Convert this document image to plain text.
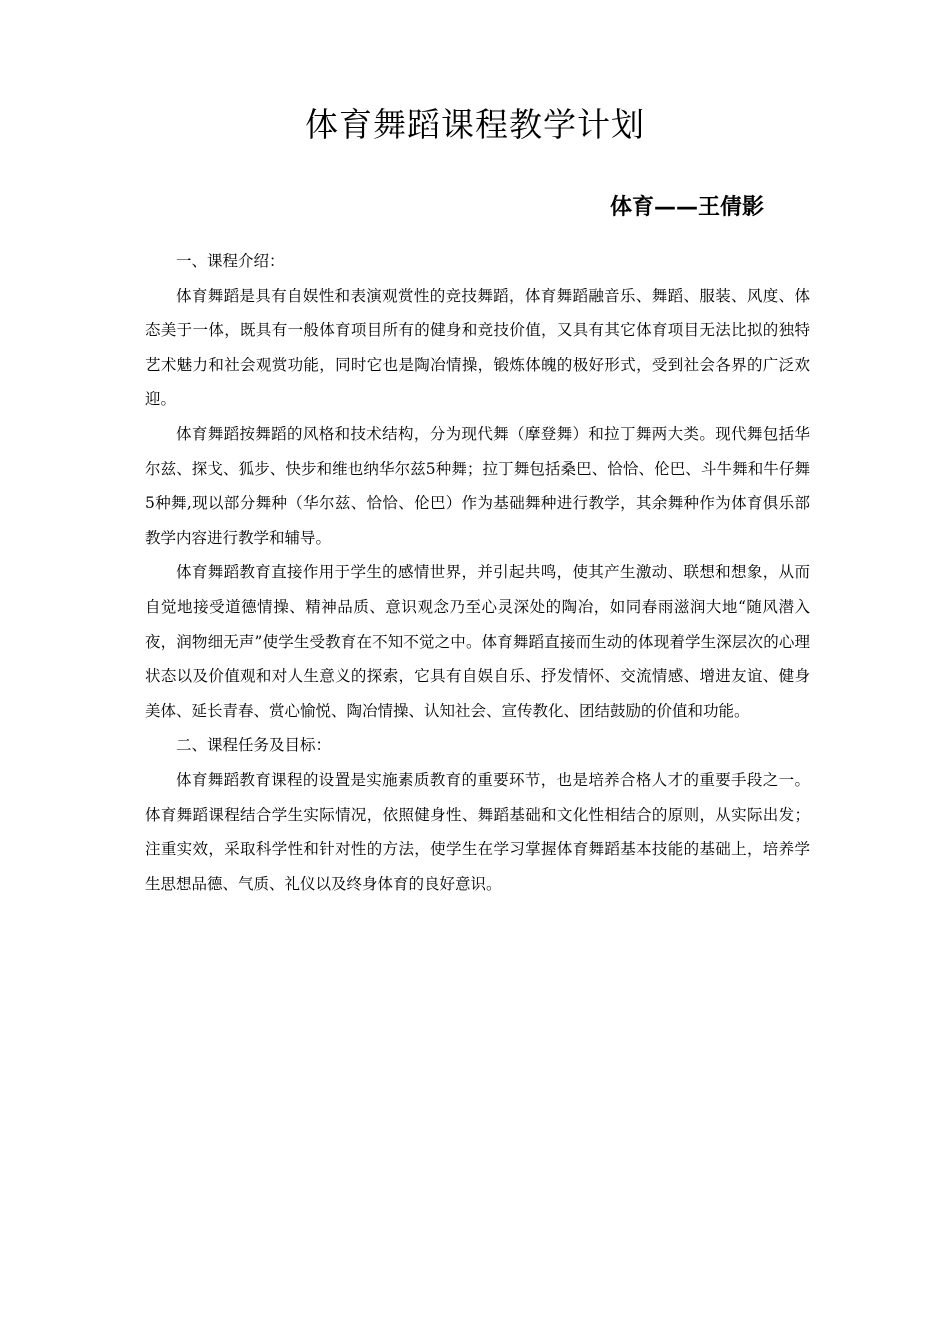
体育舞蹈课程教学计划
体育——王倩影
一、课程介绍：

体育舞蹈是具有自娱性和表演观赏性的竞技舞蹈，体育舞蹈融音乐、舞蹈、服装、风度、体态美于一体，既具有一般体育项目所有的健身和竞技价值，又具有其它体育项目无法比拟的独特艺术魅力和社会观赏功能，同时它也是陶冶情操，锻炼体魄的极好形式，受到社会各界的广泛欢迎。

体育舞蹈按舞蹈的风格和技术结构，分为现代舞（摩登舞）和拉丁舞两大类。现代舞包括华尔兹、探戈、狐步、快步和维也纳华尔兹5种舞；拉丁舞包括桑巴、恰恰、伦巴、斗牛舞和牛仔舞5种舞,现以部分舞种（华尔兹、恰恰、伦巴）作为基础舞种进行教学，其余舞种作为体育俱乐部教学内容进行教学和辅导。

体育舞蹈教育直接作用于学生的感情世界，并引起共鸣，使其产生激动、联想和想象，从而自觉地接受道德情操、精神品质、意识观念乃至心灵深处的陶冶，如同春雨滋润大地“随风潜入夜，润物细无声”使学生受教育在不知不觉之中。体育舞蹈直接而生动的体现着学生深层次的心理状态以及价值观和对人生意义的探索，它具有自娱自乐、抒发情怀、交流情感、增进友谊、健身美体、延长青春、赏心愉悦、陶冶情操、认知社会、宣传教化、团结鼓励的价值和功能。

二、课程任务及目标：

体育舞蹈教育课程的设置是实施素质教育的重要环节，也是培养合格人才的重要手段之一。体育舞蹈课程结合学生实际情况，依照健身性、舞蹈基础和文化性相结合的原则，从实际出发；注重实效，采取科学性和针对性的方法，使学生在学习掌握体育舞蹈基本技能的基础上，培养学生思想品德、气质、礼仪以及终身体育的良好意识。
